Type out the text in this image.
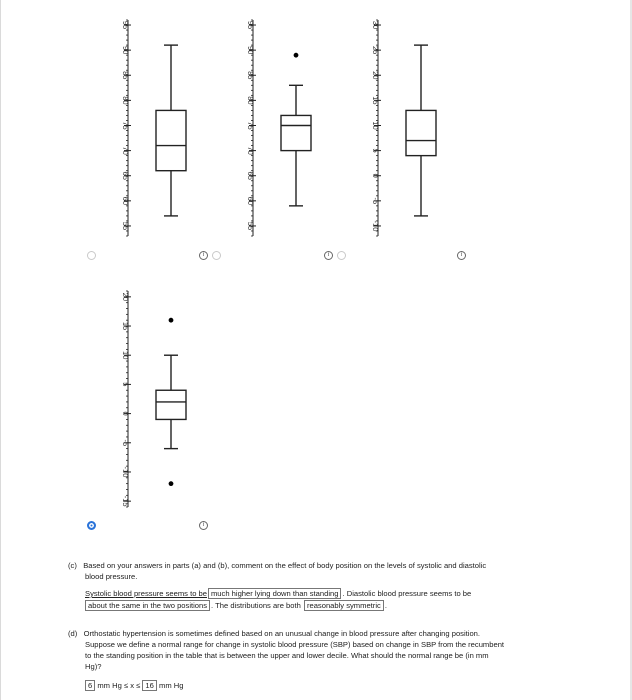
55
60
65
70
75
80
85
90
95
55
60
65
70
75
80
85
90
95
-10
-5
0
5
10
15
20
25
30
-15
-10
-5
0
5
10
15
20
i	i	i
i
(c) Based on your answers in parts (a) and (b), comment on the effect of body position on the levels of systolic and diastolic
blood pressure.
Systolic blood pressure seems to be much higher lying down than standing . Diastolic blood pressure seems to be
about the same in the two positions . The distributions are both reasonably symmetric .
(d) Orthostatic hypertension is sometimes defined based on an unusual change in blood pressure after changing position.
Suppose we define a normal range for change in systolic blood pressure (SBP) based on change in SBP from the recumbent
to the standing position in the table that is between the upper and lower decile. What should the normal range be (in mm
Hg)?
6 mm Hg ≤ x ≤ 16 mm Hg
